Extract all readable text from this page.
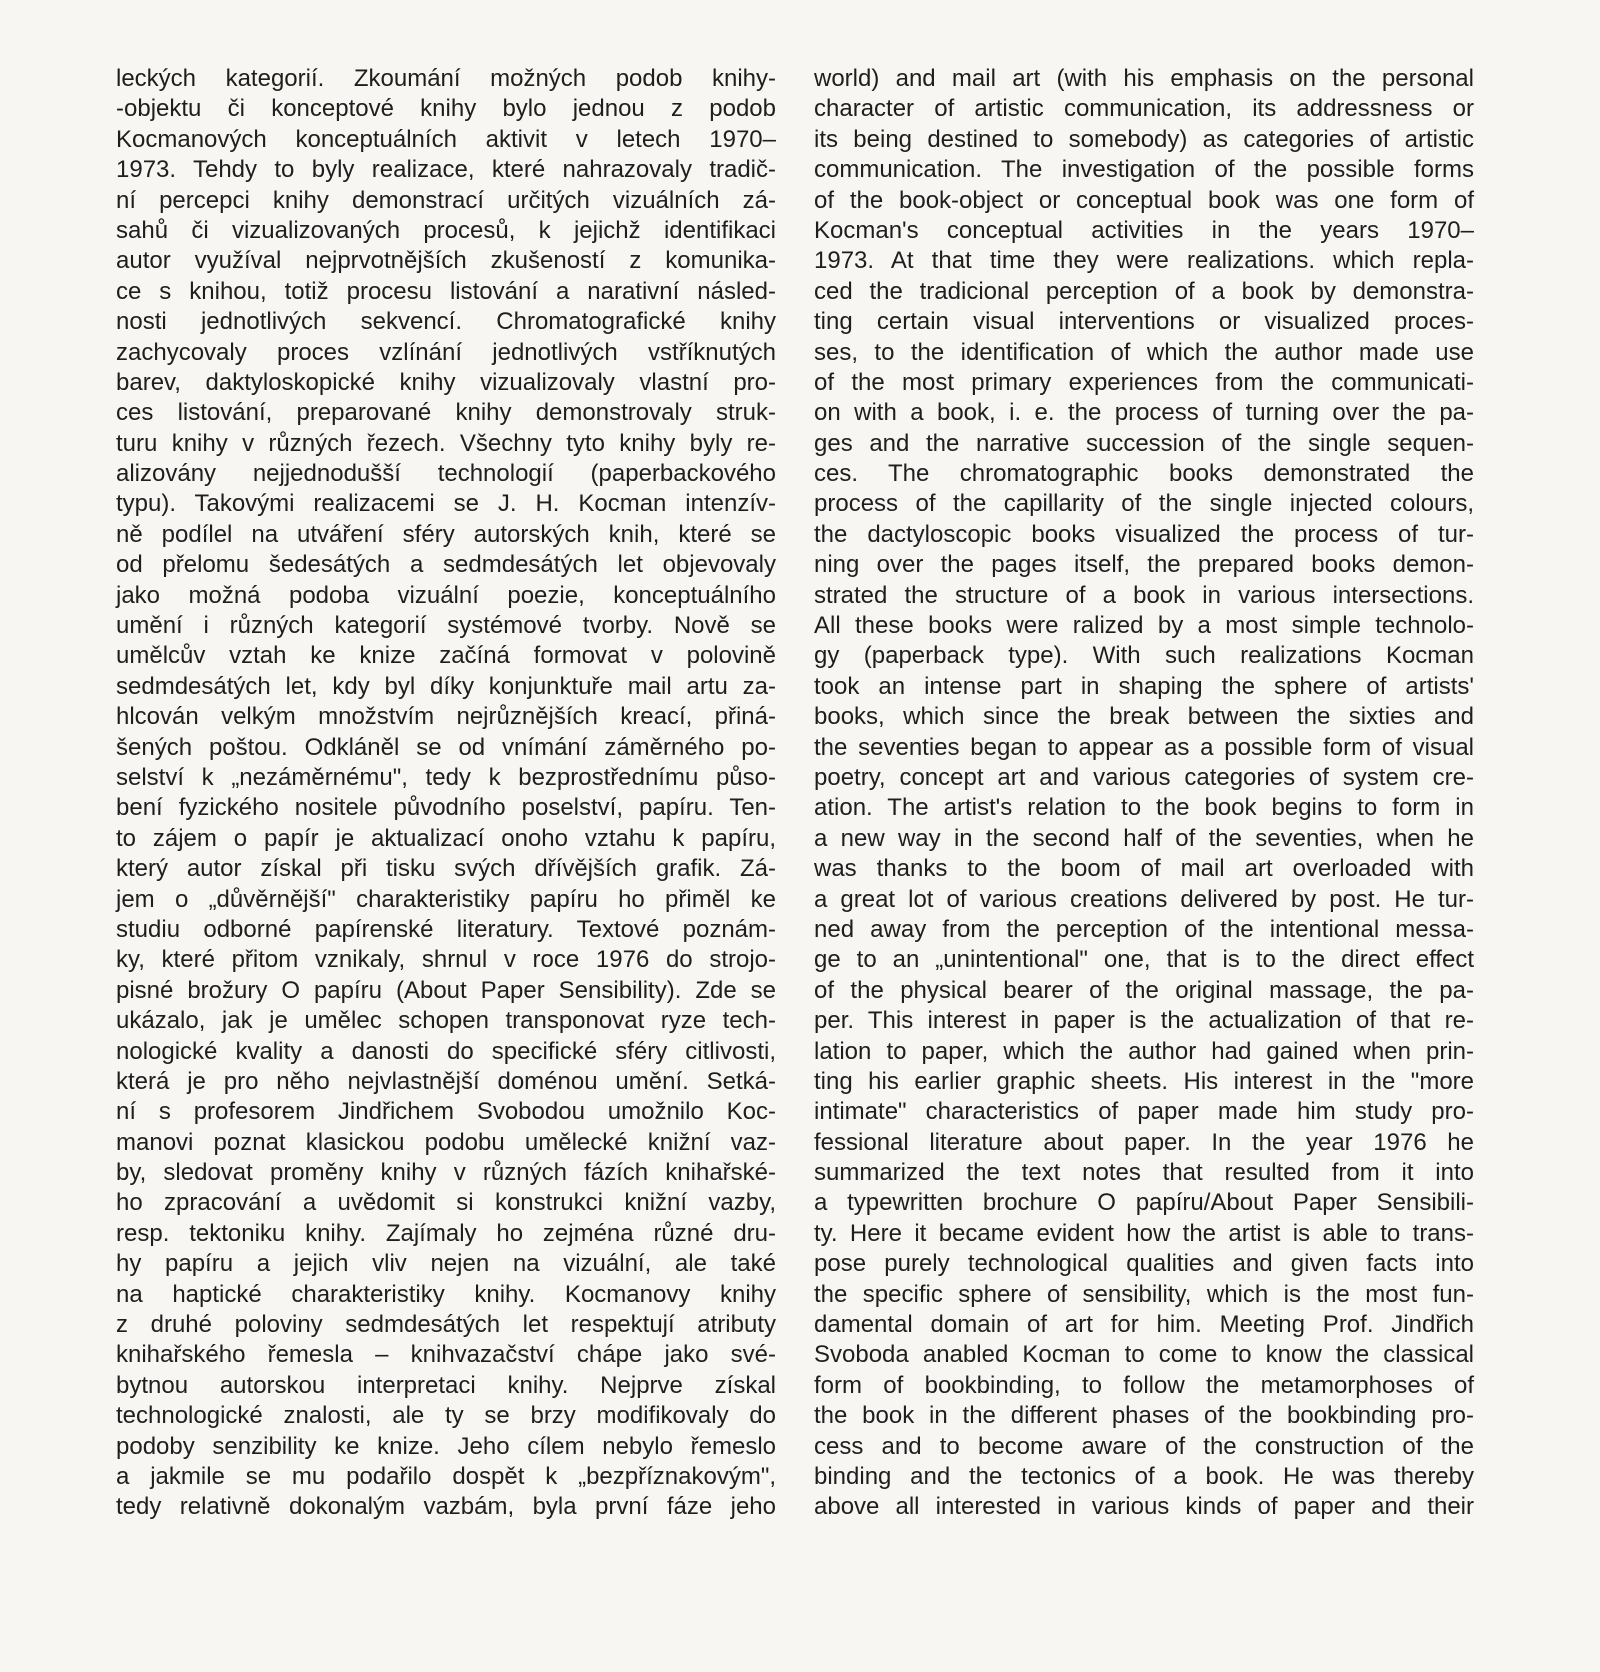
leckých kategorií. Zkoumání možných podob knihy-
-objektu či konceptové knihy bylo jednou z podob
Kocmanových konceptuálních aktivit v letech 1970–
1973. Tehdy to byly realizace, které nahrazovaly tradič-
ní percepci knihy demonstrací určitých vizuálních zá-
sahů či vizualizovaných procesů, k jejichž identifikaci
autor využíval nejprvotnějších zkušeností z komunika-
ce s knihou, totiž procesu listování a narativní násled-
nosti jednotlivých sekvencí. Chromatografické knihy
zachycovaly proces vzlínání jednotlivých vstříknutých
barev, daktyloskopické knihy vizualizovaly vlastní pro-
ces listování, preparované knihy demonstrovaly struk-
turu knihy v různých řezech. Všechny tyto knihy byly re-
alizovány nejjednodušší technologií (paperbackového
typu). Takovými realizacemi se J. H. Kocman intenzív-
ně podílel na utváření sféry autorských knih, které se
od přelomu šedesátých a sedmdesátých let objevovaly
jako možná podoba vizuální poezie, konceptuálního
umění i různých kategorií systémové tvorby. Nově se
umělcův vztah ke knize začíná formovat v polovině
sedmdesátých let, kdy byl díky konjunktuře mail artu za-
hlcován velkým množstvím nejrůznějších kreací, přiná-
šených poštou. Odkláněl se od vnímání záměrného po-
selství k „nezáměrnému", tedy k bezprostřednímu půso-
bení fyzického nositele původního poselství, papíru. Ten-
to zájem o papír je aktualizací onoho vztahu k papíru,
který autor získal při tisku svých dřívějších grafik. Zá-
jem o „důvěrnější" charakteristiky papíru ho přiměl ke
studiu odborné papírenské literatury. Textové poznám-
ky, které přitom vznikaly, shrnul v roce 1976 do strojo-
pisné brožury O papíru (About Paper Sensibility). Zde se
ukázalo, jak je umělec schopen transponovat ryze tech-
nologické kvality a danosti do specifické sféry citlivosti,
která je pro něho nejvlastnější doménou umění. Setká-
ní s profesorem Jindřichem Svobodou umožnilo Koc-
manovi poznat klasickou podobu umělecké knižní vaz-
by, sledovat proměny knihy v různých fázích knihařské-
ho zpracování a uvědomit si konstrukci knižní vazby,
resp. tektoniku knihy. Zajímaly ho zejména různé dru-
hy papíru a jejich vliv nejen na vizuální, ale také
na haptické charakteristiky knihy. Kocmanovy knihy
z druhé poloviny sedmdesátých let respektují atributy
knihařského řemesla – knihvazačství chápe jako své-
bytnou autorskou interpretaci knihy. Nejprve získal
technologické znalosti, ale ty se brzy modifikovaly do
podoby senzibility ke knize. Jeho cílem nebylo řemeslo
a jakmile se mu podařilo dospět k „bezpříznakovým",
tedy relativně dokonalým vazbám, byla první fáze jeho
world) and mail art (with his emphasis on the personal
character of artistic communication, its addressness or
its being destined to somebody) as categories of artistic
communication. The investigation of the possible forms
of the book-object or conceptual book was one form of
Kocman's conceptual activities in the years 1970–
1973. At that time they were realizations. which repla-
ced the tradicional perception of a book by demonstra-
ting certain visual interventions or visualized proces-
ses, to the identification of which the author made use
of the most primary experiences from the communicati-
on with a book, i. e. the process of turning over the pa-
ges and the narrative succession of the single sequen-
ces. The chromatographic books demonstrated the
process of the capillarity of the single injected colours,
the dactyloscopic books visualized the process of tur-
ning over the pages itself, the prepared books demon-
strated the structure of a book in various intersections.
All these books were ralized by a most simple technolo-
gy (paperback type). With such realizations Kocman
took an intense part in shaping the sphere of artists'
books, which since the break between the sixties and
the seventies began to appear as a possible form of visual
poetry, concept art and various categories of system cre-
ation. The artist's relation to the book begins to form in
a new way in the second half of the seventies, when he
was thanks to the boom of mail art overloaded with
a great lot of various creations delivered by post. He tur-
ned away from the perception of the intentional messa-
ge to an „unintentional" one, that is to the direct effect
of the physical bearer of the original massage, the pa-
per. This interest in paper is the actualization of that re-
lation to paper, which the author had gained when prin-
ting his earlier graphic sheets. His interest in the "more
intimate" characteristics of paper made him study pro-
fessional literature about paper. In the year 1976 he
summarized the text notes that resulted from it into
a typewritten brochure O papíru/About Paper Sensibili-
ty. Here it became evident how the artist is able to trans-
pose purely technological qualities and given facts into
the specific sphere of sensibility, which is the most fun-
damental domain of art for him. Meeting Prof. Jindřich
Svoboda anabled Kocman to come to know the classical
form of bookbinding, to follow the metamorphoses of
the book in the different phases of the bookbinding pro-
cess and to become aware of the construction of the
binding and the tectonics of a book. He was thereby
above all interested in various kinds of paper and their
